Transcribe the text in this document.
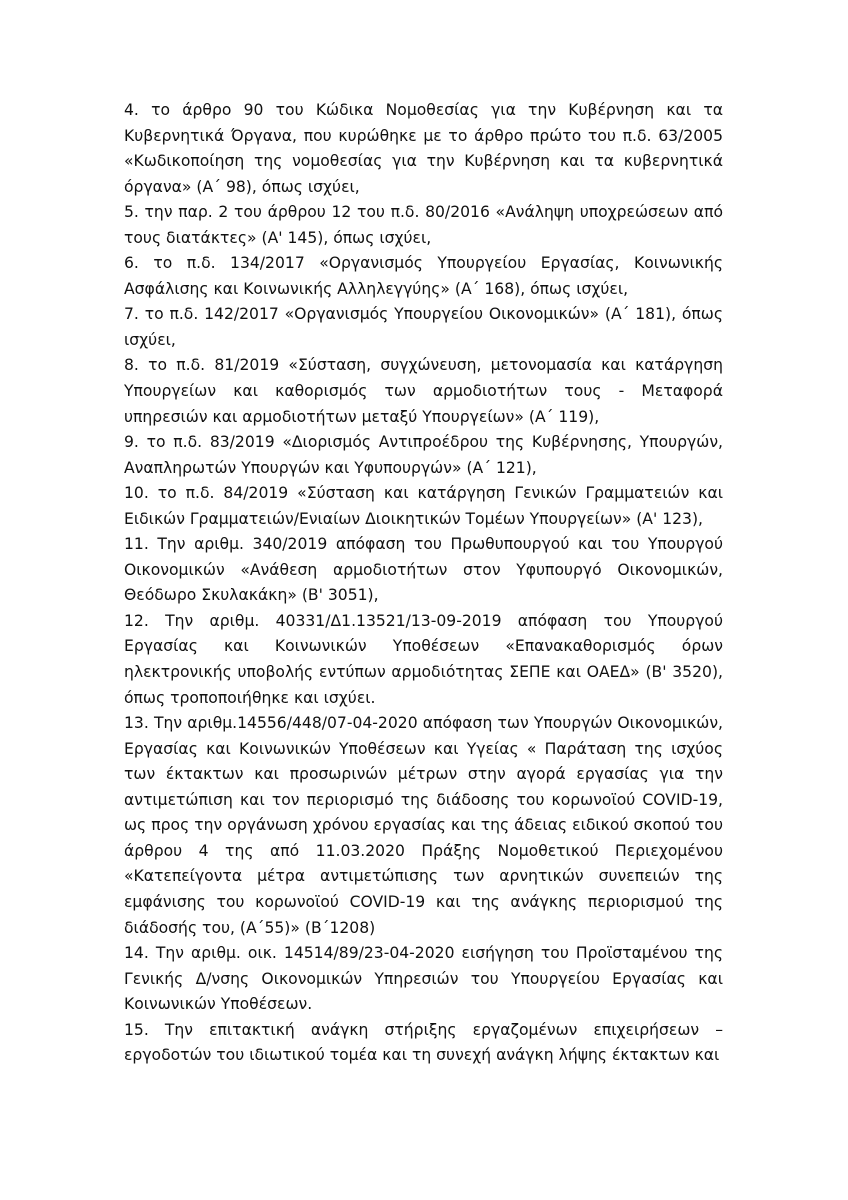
4. το άρθρο 90 του Κώδικα Νομοθεσίας για την Κυβέρνηση και τα Κυβερνητικά Όργανα, που κυρώθηκε με το άρθρο πρώτο του π.δ. 63/2005 «Κωδικοποίηση της νομοθεσίας για την Κυβέρνηση και τα κυβερνητικά όργανα» (Α΄ 98), όπως ισχύει,

5. την παρ. 2 του άρθρου 12 του π.δ. 80/2016 «Ανάληψη υποχρεώσεων από τους διατάκτες» (Α' 145), όπως ισχύει,

6. το π.δ. 134/2017 «Οργανισμός Υπουργείου Εργασίας, Κοινωνικής Ασφάλισης και Κοινωνικής Αλληλεγγύης» (Α΄ 168), όπως ισχύει,

7. το π.δ. 142/2017 «Οργανισμός Υπουργείου Οικονομικών» (Α΄ 181), όπως ισχύει,

8. το π.δ. 81/2019 «Σύσταση, συγχώνευση, μετονομασία και κατάργηση Υπουργείων και καθορισμός των αρμοδιοτήτων τους - Μεταφορά υπηρεσιών και αρμοδιοτήτων μεταξύ Υπουργείων» (Α΄ 119),

9. το π.δ. 83/2019 «Διορισμός Αντιπροέδρου της Κυβέρνησης, Υπουργών, Αναπληρωτών Υπουργών και Υφυπουργών» (Α΄ 121),

10. το π.δ. 84/2019 «Σύσταση και κατάργηση Γενικών Γραμματειών και Ειδικών Γραμματειών/Ενιαίων Διοικητικών Τομέων Υπουργείων» (Α' 123),

11. Την αριθμ. 340/2019 απόφαση του Πρωθυπουργού και του Υπουργού Οικονομικών «Ανάθεση αρμοδιοτήτων στον Υφυπουργό Οικονομικών, Θεόδωρο Σκυλακάκη» (Β' 3051),

12. Την αριθμ. 40331/Δ1.13521/13-09-2019 απόφαση του Υπουργού Εργασίας και Κοινωνικών Υποθέσεων «Επανακαθορισμός όρων ηλεκτρονικής υποβολής εντύπων αρμοδιότητας ΣΕΠΕ και ΟΑΕΔ» (Β' 3520), όπως τροποποιήθηκε και ισχύει.

13. Την αριθμ.14556/448/07-04-2020 απόφαση των Υπουργών Οικονομικών, Εργασίας και Κοινωνικών Υποθέσεων και Υγείας « Παράταση της ισχύος των έκτακτων και προσωρινών μέτρων στην αγορά εργασίας για την αντιμετώπιση και τον περιορισμό της διάδοσης του κορωνοϊού COVID-19, ως προς την οργάνωση χρόνου εργασίας και της άδειας ειδικού σκοπού του άρθρου 4 της από 11.03.2020 Πράξης Νομοθετικού Περιεχομένου «Κατεπείγοντα μέτρα αντιμετώπισης των αρνητικών συνεπειών της εμφάνισης του κορωνοϊού COVID-19 και της ανάγκης περιορισμού της διάδοσής του, (Α΄55)» (Β΄1208)

14. Την αριθμ. οικ. 14514/89/23-04-2020 εισήγηση του Προϊσταμένου της Γενικής Δ/νσης Οικονομικών Υπηρεσιών του Υπουργείου Εργασίας και Κοινωνικών Υποθέσεων.

15. Την επιτακτική ανάγκη στήριξης εργαζομένων επιχειρήσεων – εργοδοτών του ιδιωτικού τομέα και τη συνεχή ανάγκη λήψης έκτακτων και
